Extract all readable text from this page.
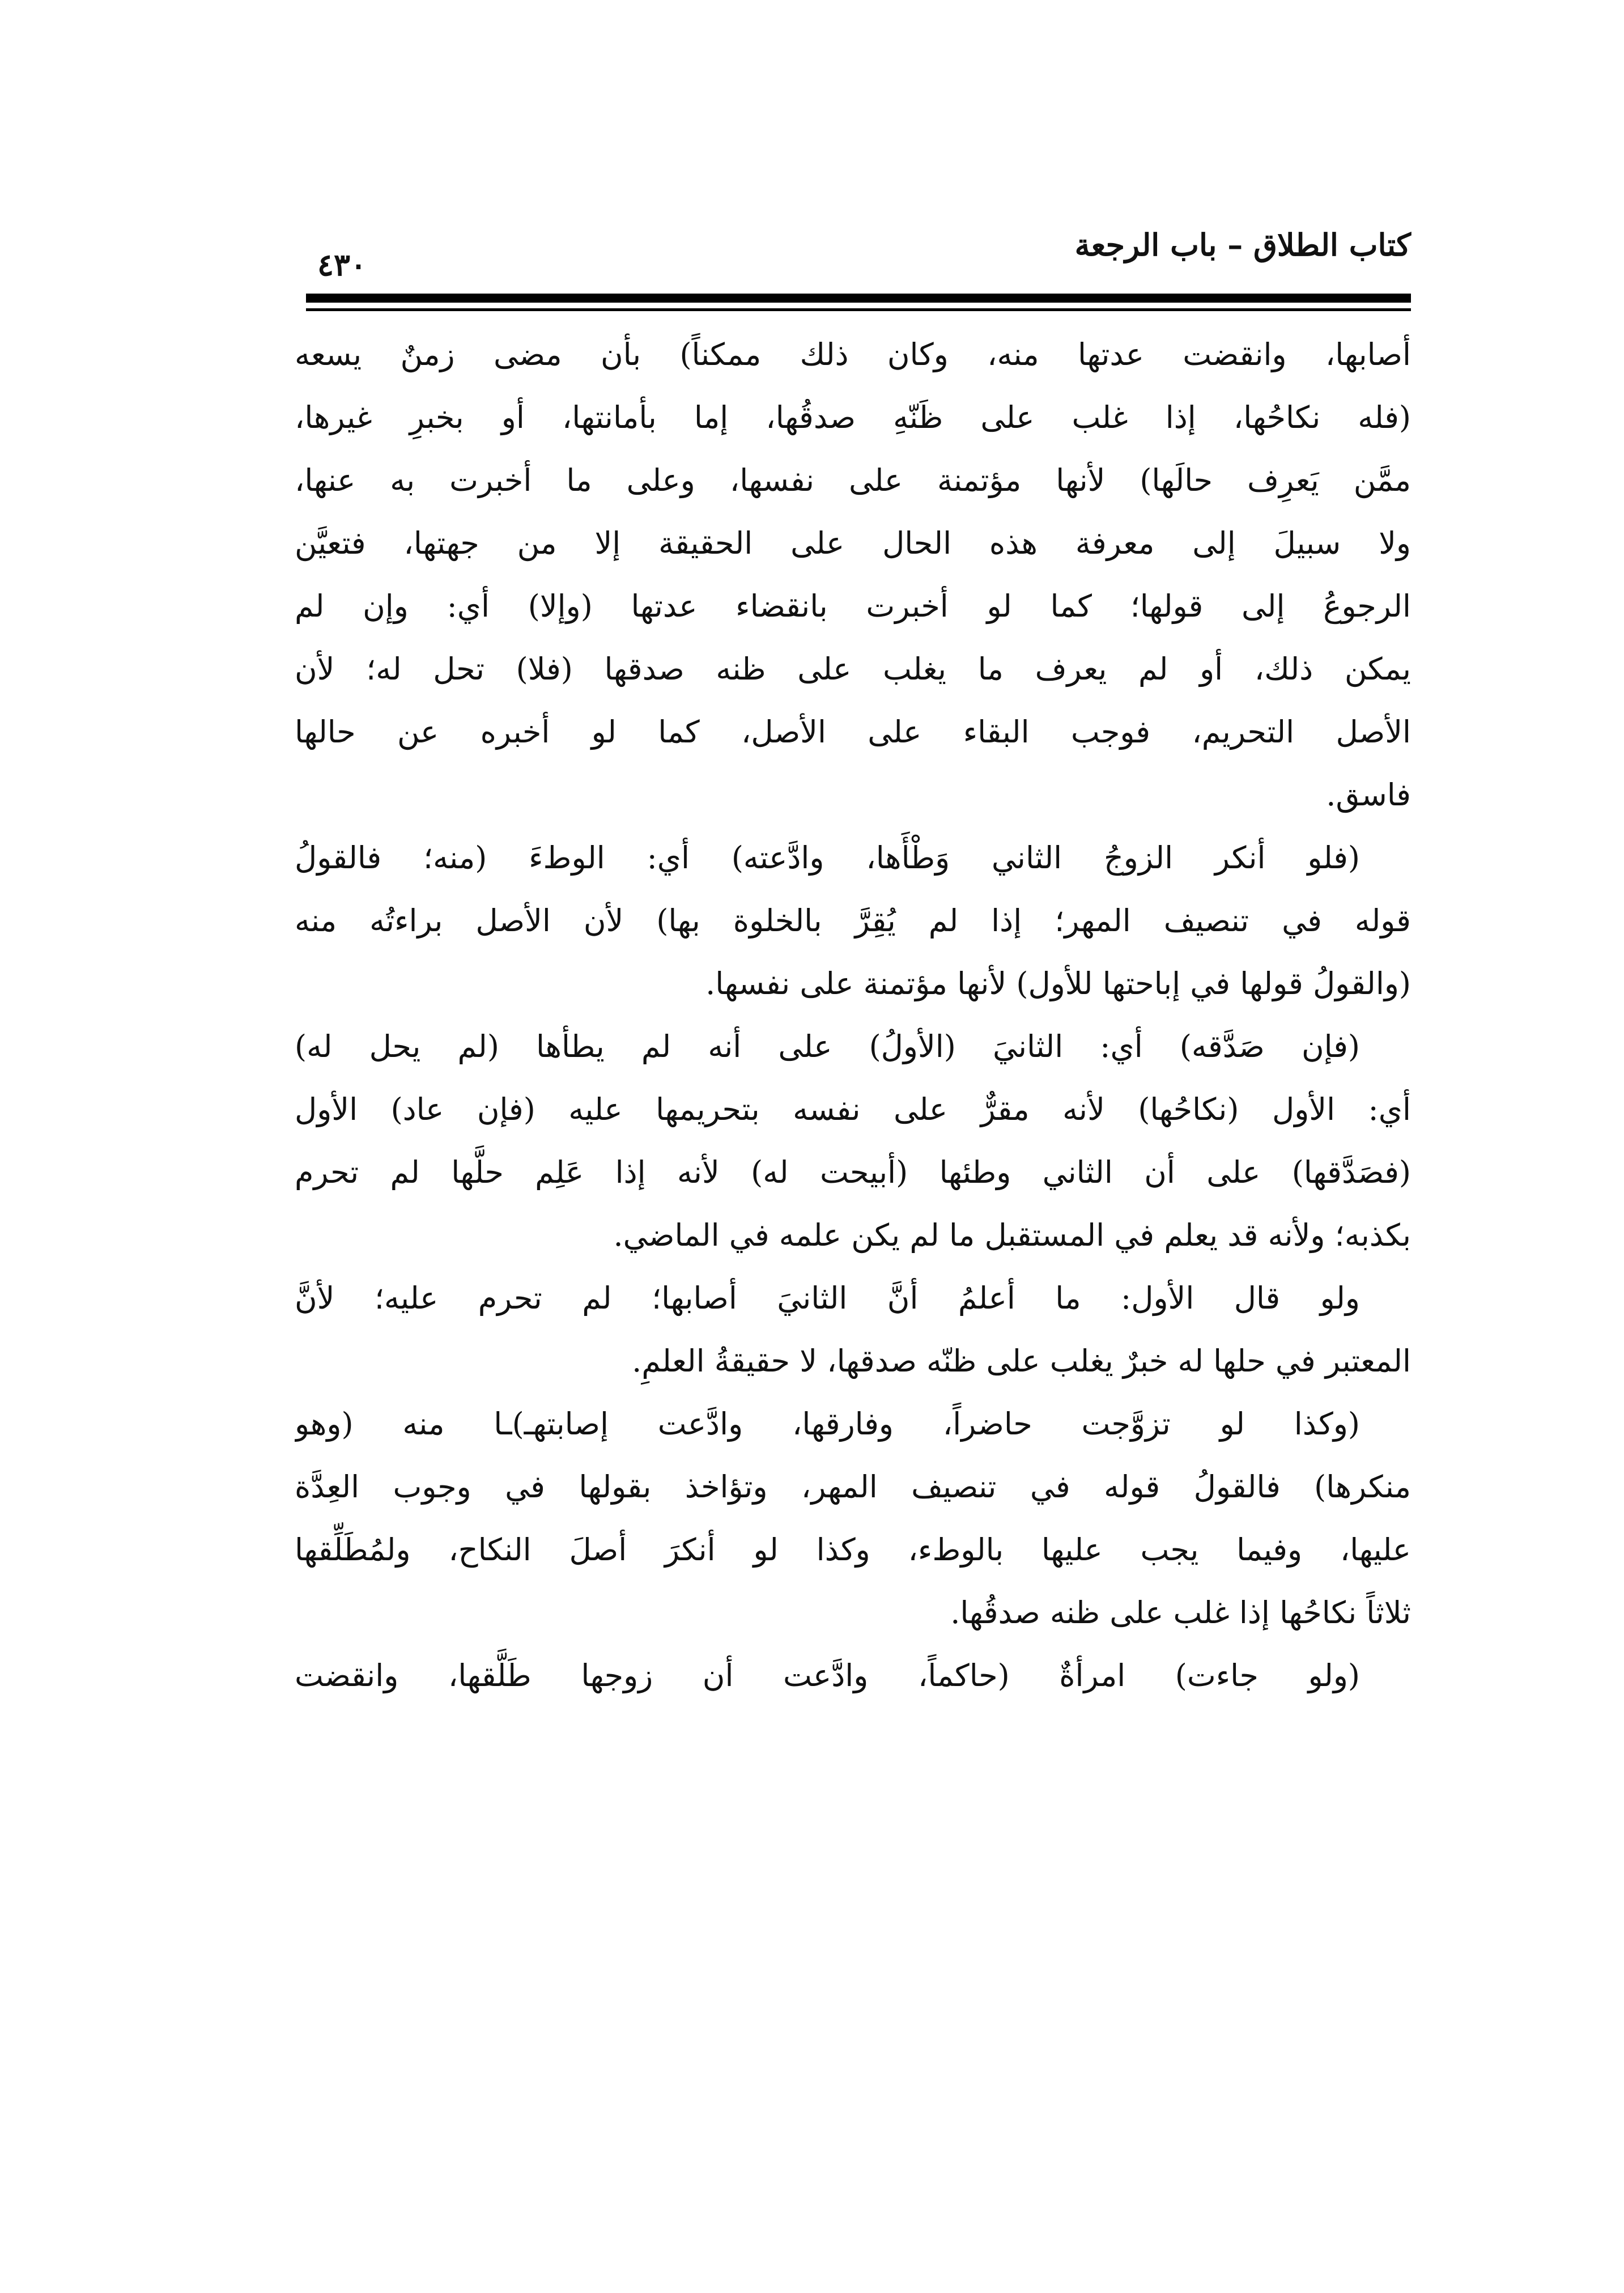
كتاب الطلاق – باب الرجعة
٤٣٠
أصابها، وانقضت عدتها منه، وكان ذلك ممكناً) بأن مضى زمنٌ يسعه
(فله نكاحُها، إذا غلب على ظَنّهِ صدقُها، إما بأمانتها، أو بخبرِ غيرها،
ممَّن يَعرِف حالَها) لأنها مؤتمنة على نفسها، وعلى ما أخبرت به عنها،
ولا سبيلَ إلى معرفة هذه الحال على الحقيقة إلا من جهتها، فتعيَّن
الرجوعُ إلى قولها؛ كما لو أخبرت بانقضاء عدتها (وإلا) أي: وإن لم
يمكن ذلك، أو لم يعرف ما يغلب على ظنه صدقها (فلا) تحل له؛ لأن
الأصل التحريم، فوجب البقاء على الأصل، كما لو أخبره عن حالها
فاسق.
(فلو أنكر الزوجُ الثاني وَطْأَها، وادَّعته) أي: الوطءَ (منه؛ فالقولُ
قوله في تنصيف المهر؛ إذا لم يُقِرَّ بالخلوة بها) لأن الأصل براءتُه منه
(والقولُ قولها في إباحتها للأول) لأنها مؤتمنة على نفسها.
(فإن صَدَّقه) أي: الثانيَ (الأولُ) على أنه لم يطأها (لم يحل له)
أي: الأول (نكاحُها) لأنه مقرٌّ على نفسه بتحريمها عليه (فإن عاد) الأول
(فصَدَّقها) على أن الثاني وطئها (أبيحت له) لأنه إذا عَلِم حلَّها لم تحرم
بكذبه؛ ولأنه قد يعلم في المستقبل ما لم يكن علمه في الماضي.
ولو قال الأول: ما أعلمُ أنَّ الثانيَ أصابها؛ لم تحرم عليه؛ لأنَّ
المعتبر في حلها له خبرٌ يغلب على ظنّه صدقها، لا حقيقةُ العلمِ.
(وكذا لو تزوَّجت حاضراً، وفارقها، وادَّعت إصابتهـ)ـا منه (وهو
منكرها) فالقولُ قوله في تنصيف المهر، وتؤاخذ بقولها في وجوب العِدَّة
عليها، وفيما يجب عليها بالوطء، وكذا لو أنكرَ أصلَ النكاح، ولمُطَلِّقها
ثلاثاً نكاحُها إذا غلب على ظنه صدقُها.
(ولو جاءت) امرأةٌ (حاكماً، وادَّعت أن زوجها طَلَّقها، وانقضت
